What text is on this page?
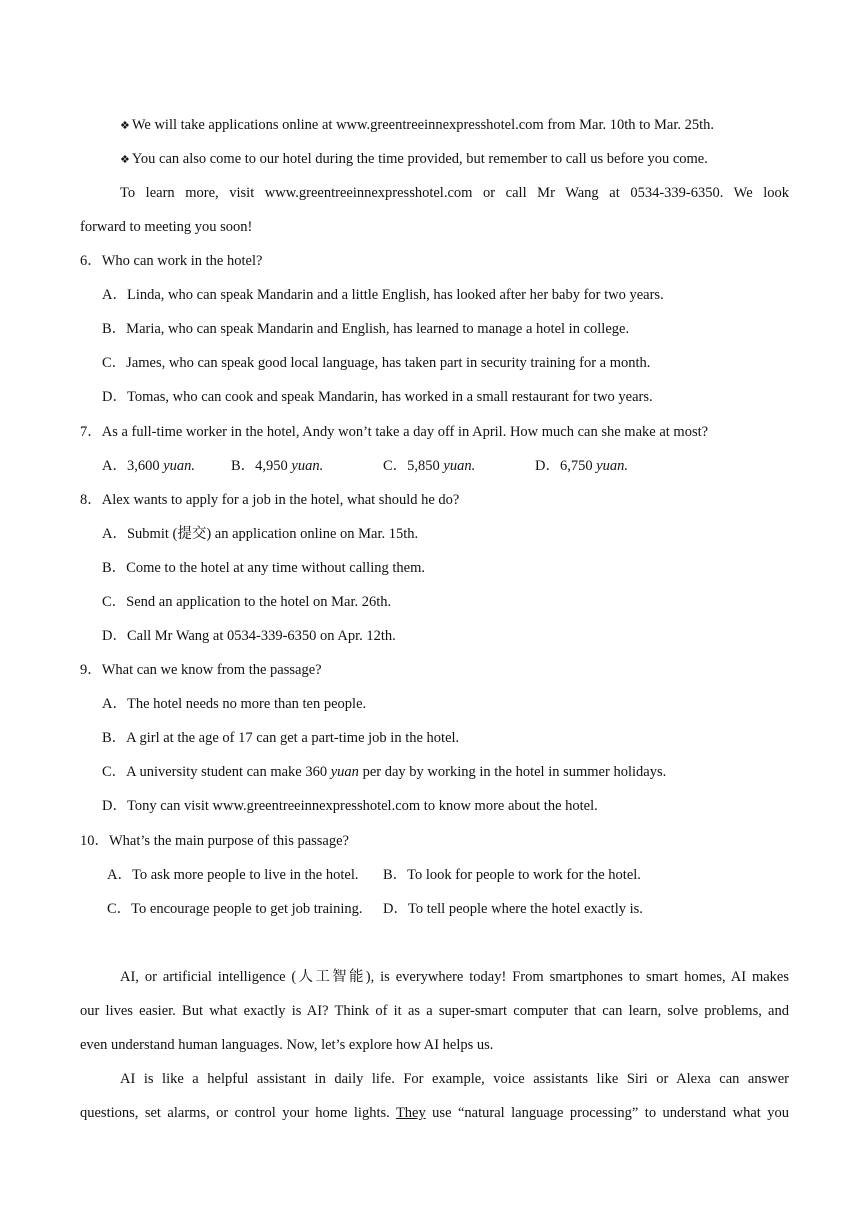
❖ We will take applications online at www.greentreeinnexpresshotel.com from Mar. 10th to Mar. 25th.
❖ You can also come to our hotel during the time provided, but remember to call us before you come.
To learn more, visit www.greentreeinnexpresshotel.com or call Mr Wang at 0534-339-6350. We look
forward to meeting you soon!
6．Who can work in the hotel?
A．Linda, who can speak Mandarin and a little English, has looked after her baby for two years.
B．Maria, who can speak Mandarin and English, has learned to manage a hotel in college.
C．James, who can speak good local language, has taken part in security training for a month.
D．Tomas, who can cook and speak Mandarin, has worked in a small restaurant for two years.
7．As a full-time worker in the hotel, Andy won’t take a day off in April. How much can she make at most?
A．3,600 yuan. B．4,950 yuan.	C．5,850 yuan.	D．6,750 yuan.
8．Alex wants to apply for a job in the hotel, what should he do?
A．Submit (提交) an application online on Mar. 15th.
B．Come to the hotel at any time without calling them.
C．Send an application to the hotel on Mar. 26th.
D．Call Mr Wang at 0534-339-6350 on Apr. 12th.
9．What can we know from the passage?
A．The hotel needs no more than ten people.
B．A girl at the age of 17 can get a part-time job in the hotel.
C．A university student can make 360 yuan per day by working in the hotel in summer holidays.
D．Tony can visit www.greentreeinnexpresshotel.com to know more about the hotel.
10．What’s the main purpose of this passage?
A．To ask more people to live in the hotel. B．To look for people to work for the hotel.
C．To encourage people to get job training. D．To tell people where the hotel exactly is.
AI, or artificial intelligence (人工智能), is everywhere today! From smartphones to smart homes, AI makes
our lives easier. But what exactly is AI? Think of it as a super-smart computer that can learn, solve problems, and
even understand human languages. Now, let’s explore how AI helps us.
AI is like a helpful assistant in daily life. For example, voice assistants like Siri or Alexa can answer
questions, set alarms, or control your home lights. They use “natural language processing” to understand what you
